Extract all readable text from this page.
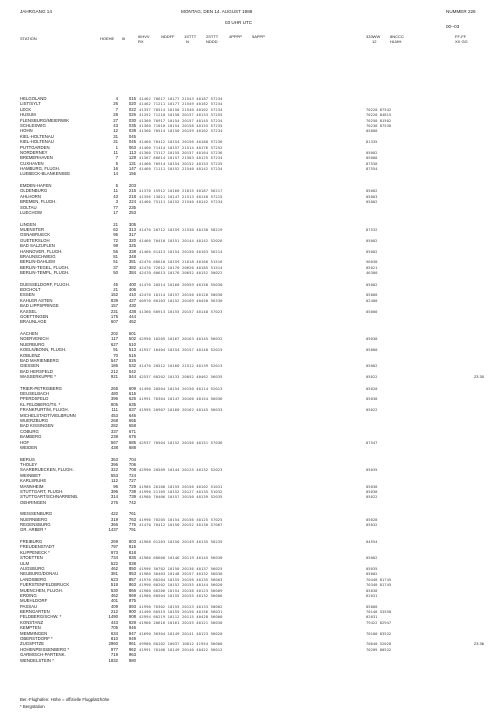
JAHRGANG 14	MONTAG, DEN 14. AUGUST 1989
03 UHR UTC
NUMMER 226
00--03
STATION	HOEHE III	IIIHVV
RX
NDDFF 1STTT
N
2STTT
NDDD
4PPPP	5APPP	333WW
12
8NCCC
HLMH
FF-FF
XX GG
HELGOLAND	4	015 41462 70617 10177 21543 40187 57234
LIST/SYLT	26	020 41462 71211 10177 21549 40162 57234
LECK	7	022 41357 70514 10150 21540 40162 57234	70220 87542
HUSUM	28	026 41352 71210 10158 20157 40133 57255	70220 84815
FLENSBURG/MEIERWIK	27	030 41360 70917 10154 20157 40145 57234	70250 81502
SCHLESWIG	43	035 41360 71010 10154 20158 40155 57235	70230 87530
HOHN	12	038 41360 70514 10150 20159 40162 57234	05000
KIEL-HOLTENAU	31	045
KIEL-HOLTENAU	31	045 41460 70412 10154 20156 40180 57236	81335
PUTTGARDEN	1	063 41460 71414 10157 21514 40176 57252
NORDERNEY	11	113 41360 73117 10155 20157 40164 57236	05002
BREMERHAVEN	7	129 41367 60614 10157 21503 40125 57234	05000
CUXHAVEN	5	131 41460 70914 10154 20152 40153 57235	87530
HAMBURG, FLUGH.	16	147 41460 71111 10152 21540 40142 57234	87554
LUEBECK-BLANKENSEE	14	156
EMDEN-HAFEN	5	203
OLDENBURG	11	215 41370 15912 10160 21015 40187 56217	05002
AHLHORN	43	218 41356 13021 10147 21513 40140 57215	05003
BREMEN, FLUGH.	3	224 41460 75111 10152 21540 40142 57234	05002
SOLTAU	77	235
LUECHOW	17	253
LINGEN	21	305
MUENSTER	62	313 41470 20712 10159 21530 40130 58219	87532
OSNABRUECK	95	317
GUETERSLOH	72	320 41460 70410 10151 20144 40142 52026	05002
BAD SALZUFLEN	98	325
HANNOVER, FLUGH.	56	338 41460 61413 10154 20150 40163 56214	05002
BRAUNSCHWEIG	81	348
BERLIN-DAHLEM	51	381 42470 60610 10159 21618 40160 51516	56030
BERLIN-TEGEL, FLUGH.	37	382 42470 72612 10170 20620 40185 51514	05021
BERLIN-TEMPL, FLUGH.	50	384 42470 60613 10176 20652 40152 50022	46300
DUESSELDORF, FLUGH.	45	400 41470 20514 10160 20559 40158 55030	05002
BOCHOLT	21	406
ESSEN	152	410 42470 10114 10157 20150 40120 50030	05000
KAHLER ASTEN	839	427 40970 60103 10152 20109 40450 56330	02400
BAD LIPPSPRINGE	157	430
KASSEL	231	438 41360 60913 10155 20157 40148 57023	05000
GOETTINGEN	175	444
BRAUNLAGE	607	452
AACHEN	202	501
NOERVENICH	117	502 42950 10205 10167 20163 40145 56032	05030
NUERBURG	627	510
KOELN/BONN, FLUGH.	91	513 41937 10404 10154 20157 40140 52015	05000
KOBLENZ	70	515
BAD MARIENBERG	547	526
GIESSEN	186	532 41470 20512 10160 21512 40139 52013	05002
BAD HERSFELD	212	542
WASSERKUPPE *	921	544 42537 60202 10133 20052 40462 56035	05022	23 30
TRIER-PETRISBERG	265	609 41490 20504 10154 20150 40114 52013	05020
DEUSELBACH	480	615
PFERDSFELD	396	626 41991 70304 10147 20160 40154 56036	05030
KL.FELDBERG/TS. *	805	635
FRANKFURT/M, FLUGH.	111	637 41995 20907 10160 20162 40145 56033	05022
MICHELSTADT/VIELBRUNN	453	646
WUERZBURG	268	655
BAD KISSINGEN	282	658
COBURG	337	671
BAMBERG	239	675
HOF	567	685 42937 70504 10152 20156 40151 57036	87547
WEIDEN	438	688
BERUS	363	704
THOLEY	396	706
SAARBRUECKEN, FLUGH.	322	708 42990 20509 10144 20125 40132 52023	05035
WEINBIET	553	724
KARLSRUHE	112	727
MANNHEIM	96	729 41985 20106 10155 20156 40102 51031	05030
STUTTGART, FLUGH.	396	738 41990 21105 10152 20127 40135 51032	05030
STUTTGART/SCHNARRENB.	314	739 41980 70406 10157 20150 40139 52035	05022
OEHRINGEN	276	742
WEISSENBURG	422	761
NUERNBERG	319	763 41990 70205 10154 20156 40125 57025	05028
REGENSBURG	366	776 41470 70412 10150 20152 40130 57007	05032
GR. ARBER *	1437	791
FREIBURG	269	803 41968 61203 10150 20149 40135 50235	04554
FREUDENSTADT	797	815
KLIPPENECK *	973	818
STOETTEN	734	836 41980 60600 10146 20119 40145 56030	05002
ULM	522	838
AUGSBURG	462	850 41996 30702 10150 20136 40137 56025	05035
NEUBURG/DONAU	381	853 41980 30403 10148 20157 40132 56030	05002
LANDSBERG	623	857 41970 60204 10155 20156 40135 56003	70440 81745
FUERSTENFELDBRUCK	518	863 41990 60202 10152 20155 40144 56020	70340 81745
MUENCHEN, FLUGH.	530	866 41980 60206 10154 20158 40123 56009	05030
ERDING	462	869 41980 60504 10155 20155 40132 56006	62031
MUEHLDORF	401	875
PASSAU	409	893 41990 70302 10155 20123 40133 50002	05000
BERNGARTEN	212	900 41490 60515 10155 20150 40156 56031	70140 53550
FELDBERG/SCHW. *	1490	908 42994 60219 10112 20115 40428 56000	02031
KONSTANZ	443	929 41960 20616 10161 20155 40121 56030	79422 82947
KEMPTEN	705	946
MEMMINGEN	634	947 41690 30304 10149 20141 40123 56020	70100 83532
OBERSTDORF *	810	949
ZUGSPITZE	2960	961 49980 60102 10037 10012 41954 56000	70640 52020	23 36
HOHENPEISSENBERG *	977	962 41991 70106 10149 20140 40422 56012	70209 80532
GARMISCH-PARTENK.	719	963
WENDELSTEIN *	1832	980
Ber.-Flughafen: Höhe = offizielle Flugplatzhöhe
* Bergstation
